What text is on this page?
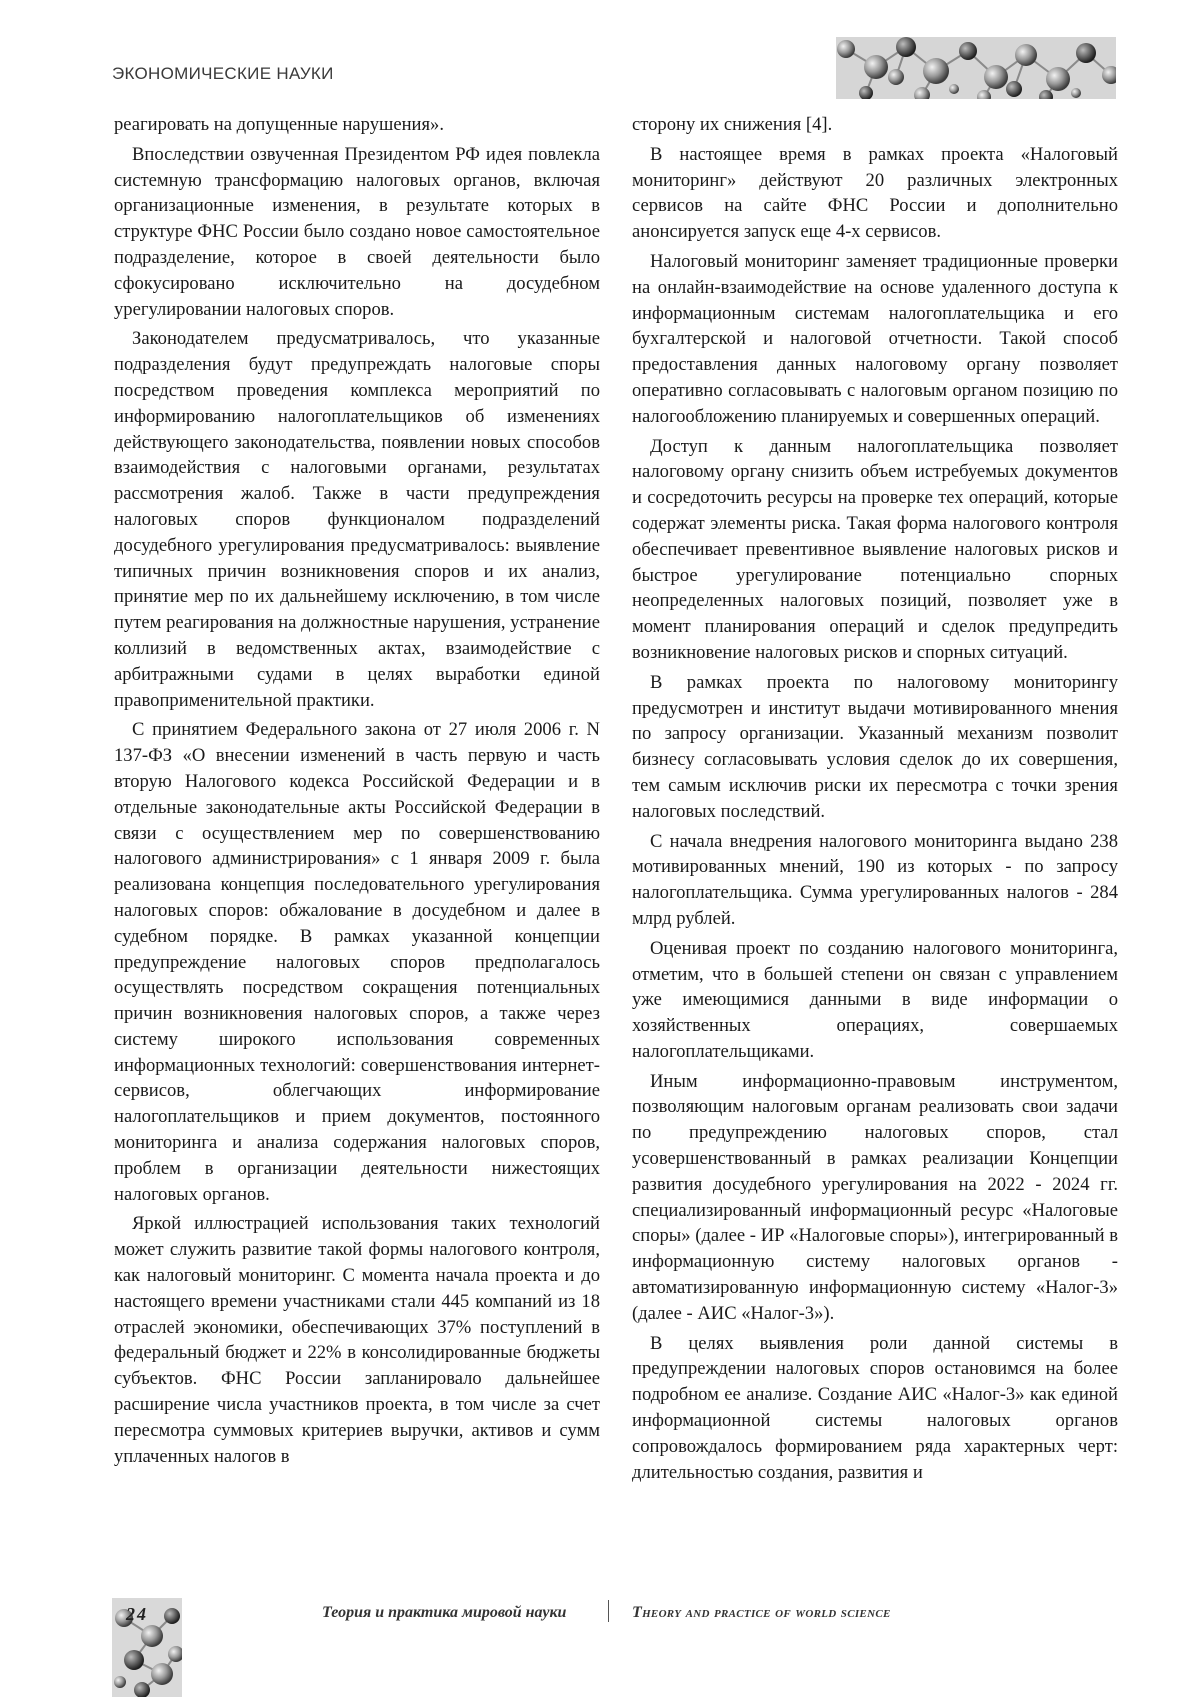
ЭКОНОМИЧЕСКИЕ НАУКИ

реагировать на допущенные нарушения».

Впоследствии озвученная Президентом РФ идея повлекла системную трансформацию налоговых органов, включая организационные изменения, в результате которых в структуре ФНС России было создано новое самостоятельное подразделение, которое в своей деятельности было сфокусировано исключительно на досудебном урегулировании налоговых споров.

Законодателем предусматривалось, что указанные подразделения будут предупреждать налоговые споры посредством проведения комплекса мероприятий по информированию налогоплательщиков об изменениях действующего законодательства, появлении новых способов взаимодействия с налоговыми органами, результатах рассмотрения жалоб. Также в части предупреждения налоговых споров функционалом подразделений досудебного урегулирования предусматривалось: выявление типичных причин возникновения споров и их анализ, принятие мер по их дальнейшему исключению, в том числе путем реагирования на должностные нарушения, устранение коллизий в ведомственных актах, взаимодействие с арбитражными судами в целях выработки единой правоприменительной практики.

С принятием Федерального закона от 27 июля 2006 г. N 137-ФЗ «О внесении изменений в часть первую и часть вторую Налогового кодекса Российской Федерации и в отдельные законодательные акты Российской Федерации в связи с осуществлением мер по совершенствованию налогового администрирования» с 1 января 2009 г. была реализована концепция последовательного урегулирования налоговых споров: обжалование в досудебном и далее в судебном порядке. В рамках указанной концепции предупреждение налоговых споров предполагалось осуществлять посредством сокращения потенциальных причин возникновения налоговых споров, а также через систему широкого использования современных информационных технологий: совершенствования интернет-сервисов, облегчающих информирование налогоплательщиков и прием документов, постоянного мониторинга и анализа содержания налоговых споров, проблем в организации деятельности нижестоящих налоговых органов.

Яркой иллюстрацией использования таких технологий может служить развитие такой формы налогового контроля, как налоговый мониторинг. С момента начала проекта и до настоящего времени участниками стали 445 компаний из 18 отраслей экономики, обеспечивающих 37% поступлений в федеральный бюджет и 22% в консолидированные бюджеты субъектов. ФНС России запланировало дальнейшее расширение числа участников проекта, в том числе за счет пересмотра суммовых критериев выручки, активов и сумм уплаченных налогов в

сторону их снижения [4].

В настоящее время в рамках проекта «Налоговый мониторинг» действуют 20 различных электронных сервисов на сайте ФНС России и дополнительно анонсируется запуск еще 4-х сервисов.

Налоговый мониторинг заменяет традиционные проверки на онлайн-взаимодействие на основе удаленного доступа к информационным системам налогоплательщика и его бухгалтерской и налоговой отчетности. Такой способ предоставления данных налоговому органу позволяет оперативно согласовывать с налоговым органом позицию по налогообложению планируемых и совершенных операций.

Доступ к данным налогоплательщика позволяет налоговому органу снизить объем истребуемых документов и сосредоточить ресурсы на проверке тех операций, которые содержат элементы риска. Такая форма налогового контроля обеспечивает превентивное выявление налоговых рисков и быстрое урегулирование потенциально спорных неопределенных налоговых позиций, позволяет уже в момент планирования операций и сделок предупредить возникновение налоговых рисков и спорных ситуаций.

В рамках проекта по налоговому мониторингу предусмотрен и институт выдачи мотивированного мнения по запросу организации. Указанный механизм позволит бизнесу согласовывать условия сделок до их совершения, тем самым исключив риски их пересмотра с точки зрения налоговых последствий.

С начала внедрения налогового мониторинга выдано 238 мотивированных мнений, 190 из которых - по запросу налогоплательщика. Сумма урегулированных налогов - 284 млрд рублей.

Оценивая проект по созданию налогового мониторинга, отметим, что в большей степени он связан с управлением уже имеющимися данными в виде информации о хозяйственных операциях, совершаемых налогоплательщиками.

Иным информационно-правовым инструментом, позволяющим налоговым органам реализовать свои задачи по предупреждению налоговых споров, стал усовершенствованный в рамках реализации Концепции развития досудебного урегулирования на 2022 - 2024 гг. специализированный информационный ресурс «Налоговые споры» (далее - ИР «Налоговые споры»), интегрированный в информационную систему налоговых органов - автоматизированную информационную систему «Налог-3» (далее - АИС «Налог-3»).

В целях выявления роли данной системы в предупреждении налоговых споров остановимся на более подробном ее анализе. Создание АИС «Налог-3» как единой информационной системы налоговых органов сопровождалось формированием ряда характерных черт: длительностью создания, развития и

24	Теория и практика мировой науки	Theory and practice of world science
